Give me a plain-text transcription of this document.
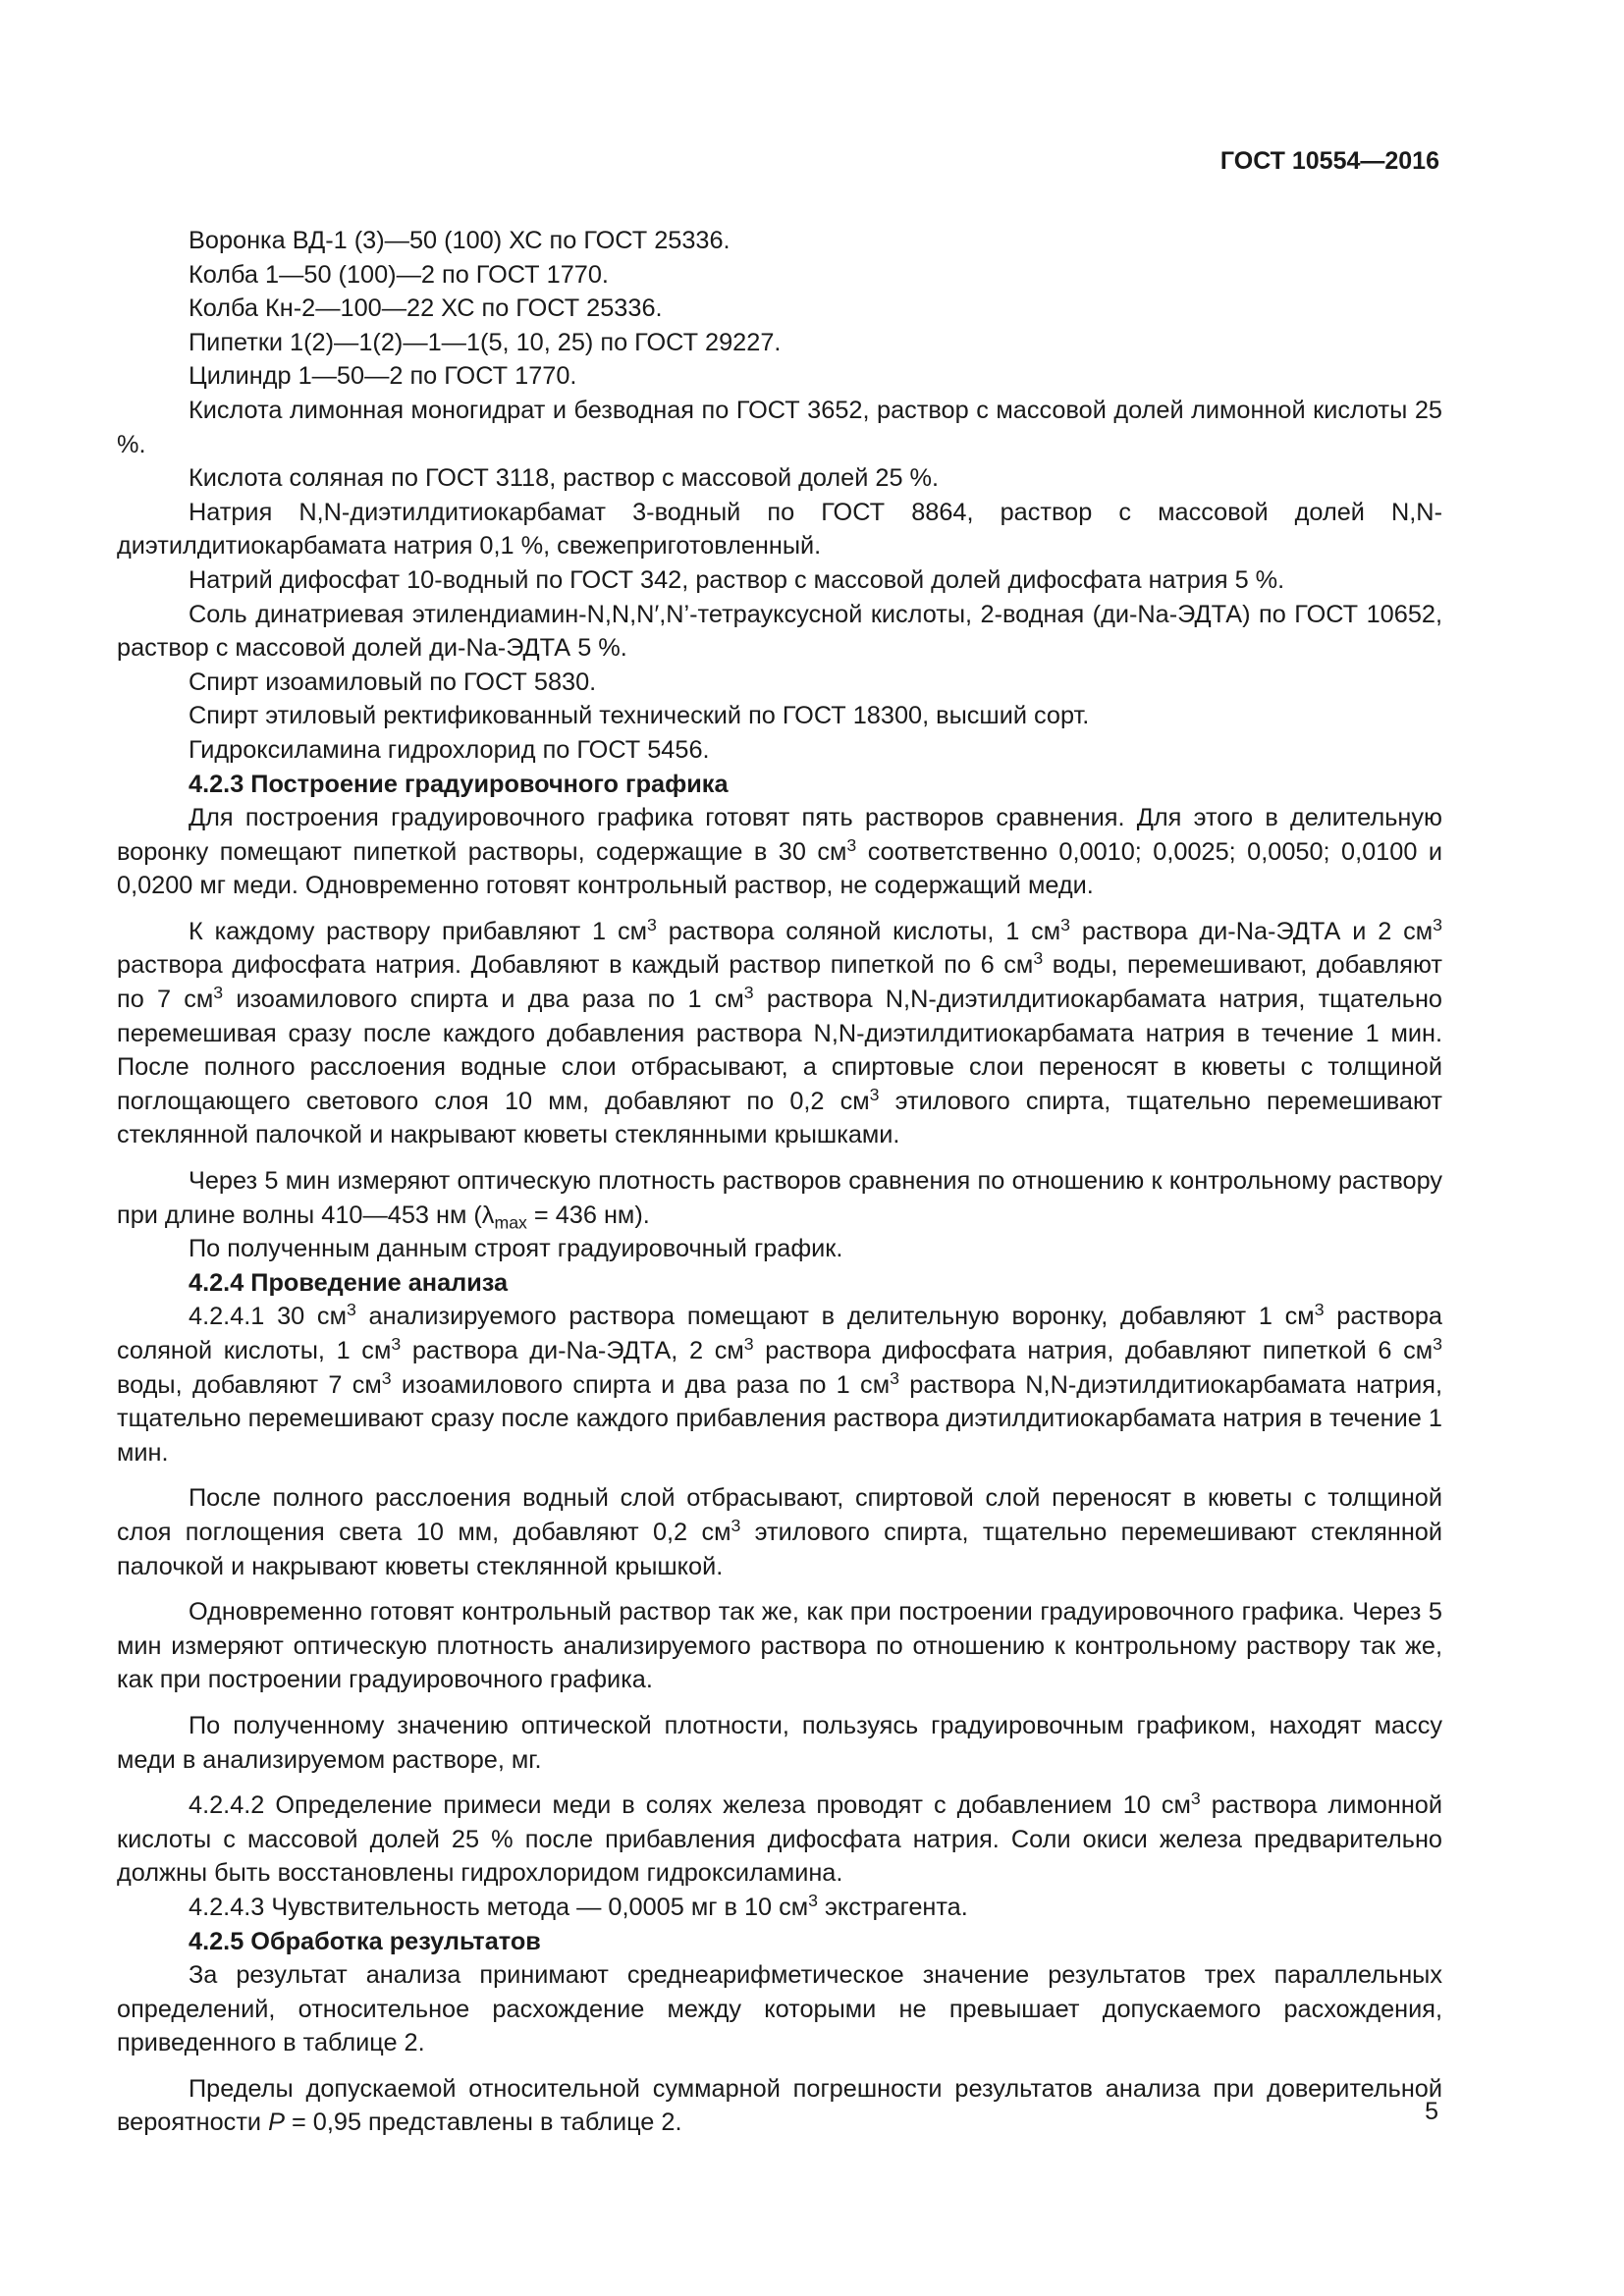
ГОСТ 10554—2016

Воронка ВД-1 (3)—50 (100) ХС по ГОСТ 25336.

Колба 1—50 (100)—2 по ГОСТ 1770.

Колба Кн-2—100—22 ХС по ГОСТ 25336.

Пипетки 1(2)—1(2)—1—1(5, 10, 25) по ГОСТ 29227.

Цилиндр 1—50—2 по ГОСТ 1770.

Кислота лимонная моногидрат и безводная по ГОСТ 3652, раствор с массовой долей лимонной кислоты 25 %.

Кислота соляная по ГОСТ 3118, раствор с массовой долей 25 %.

Натрия N,N-диэтилдитиокарбамат 3-водный по ГОСТ 8864, раствор с массовой долей N,N-диэтилдитиокарбамата натрия 0,1 %, свежеприготовленный.

Натрий дифосфат 10-водный по ГОСТ 342, раствор с массовой долей дифосфата натрия 5 %.

Соль динатриевая этилендиамин-N,N,N′,N’-тетрауксусной кислоты, 2-водная (ди-Na-ЭДТА) по ГОСТ 10652, раствор с массовой долей ди-Na-ЭДТА 5 %.

Спирт изоамиловый по ГОСТ 5830.

Спирт этиловый ректификованный технический по ГОСТ 18300, высший сорт.

Гидроксиламина гидрохлорид по ГОСТ 5456.

4.2.3 Построение градуировочного графика

Для построения градуировочного графика готовят пять растворов сравнения. Для этого в делительную воронку помещают пипеткой растворы, содержащие в 30 $см^3$ соответственно 0,0010; 0,0025; 0,0050; 0,0100 и 0,0200 мг меди. Одновременно готовят контрольный раствор, не содержащий меди.

К каждому раствору прибавляют 1 $см^3$ раствора соляной кислоты, 1 $см^3$ раствора ди-Na-ЭДТА и 2 $см^3$ раствора дифосфата натрия. Добавляют в каждый раствор пипеткой по 6 $см^3$ воды, перемешивают, добавляют по 7 $см^3$ изоамилового спирта и два раза по 1 $см^3$ раствора N,N-диэтилдитиокарбамата натрия, тщательно перемешивая сразу после каждого добавления раствора N,N-диэтилдитиокарбамата натрия в течение 1 мин. После полного расслоения водные слои отбрасывают, а спиртовые слои переносят в кюветы с толщиной поглощающего светового слоя 10 мм, добавляют по 0,2 $см^3$ этилового спирта, тщательно перемешивают стеклянной палочкой и накрывают кюветы стеклянными крышками.

Через 5 мин измеряют оптическую плотность растворов сравнения по отношению к контрольному раствору при длине волны 410—453 нм ($\lambda_{max} = 436$ нм).

По полученным данным строят градуировочный график.

4.2.4 Проведение анализа

4.2.4.1 30 $см^3$ анализируемого раствора помещают в делительную воронку, добавляют 1 $см^3$ раствора соляной кислоты, 1 $см^3$ раствора ди-Na-ЭДТА, 2 $см^3$ раствора дифосфата натрия, добавляют пипеткой 6 $см^3$ воды, добавляют 7 $см^3$ изоамилового спирта и два раза по 1 $см^3$ раствора N,N-диэтилдитиокарбамата натрия, тщательно перемешивают сразу после каждого прибавления раствора диэтилдитиокарбамата натрия в течение 1 мин.

После полного расслоения водный слой отбрасывают, спиртовой слой переносят в кюветы с толщиной слоя поглощения света 10 мм, добавляют 0,2 $см^3$ этилового спирта, тщательно перемешивают стеклянной палочкой и накрывают кюветы стеклянной крышкой.

Одновременно готовят контрольный раствор так же, как при построении градуировочного графика. Через 5 мин измеряют оптическую плотность анализируемого раствора по отношению к контрольному раствору так же, как при построении градуировочного графика.

По полученному значению оптической плотности, пользуясь градуировочным графиком, находят массу меди в анализируемом растворе, мг.

4.2.4.2 Определение примеси меди в солях железа проводят с добавлением 10 $см^3$ раствора лимонной кислоты с массовой долей 25 % после прибавления дифосфата натрия. Соли окиси железа предварительно должны быть восстановлены гидрохлоридом гидроксиламина.

4.2.4.3 Чувствительность метода — 0,0005 мг в 10 $см^3$ экстрагента.

4.2.5 Обработка результатов

За результат анализа принимают среднеарифметическое значение результатов трех параллельных определений, относительное расхождение между которыми не превышает допускаемого расхождения, приведенного в таблице 2.

Пределы допускаемой относительной суммарной погрешности результатов анализа при доверительной вероятности P = 0,95 представлены в таблице 2.	5
